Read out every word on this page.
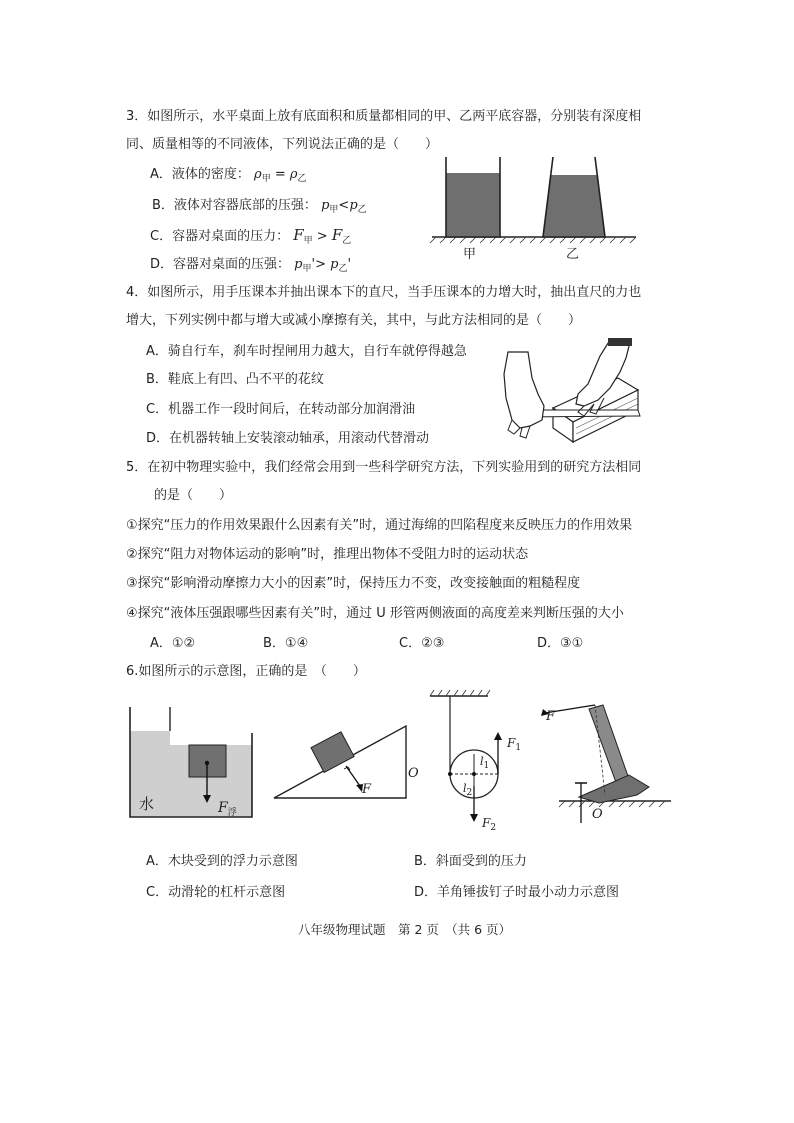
3．如图所示，水平桌面上放有底面积和质量都相同的甲、乙两平底容器，分别装有深度相
同、质量相等的不同液体，下列说法正确的是（　　）
A．液体的密度： $\rho_甲 = \rho_乙$
B．液体对容器底部的压强： $p_甲<p_乙$
C．容器对桌面的压力： $F_甲 > F_乙$
D．容器对桌面的压强： $p_甲'> p_乙'$
甲	乙
4．如图所示，用手压课本并抽出课本下的直尺，当手压课本的力增大时，抽出直尺的力也
增大，下列实例中都与增大或减小摩擦有关，其中，与此方法相同的是（　　）
A．骑自行车，刹车时捏闸用力越大，自行车就停得越急
B．鞋底上有凹、凸不平的花纹
C．机器工作一段时间后，在转动部分加润滑油
D．在机器转轴上安装滚动轴承，用滚动代替滑动
5．在初中物理实验中，我们经常会用到一些科学研究方法，下列实验用到的研究方法相同
的是（　　）
①探究“压力的作用效果跟什么因素有关”时，通过海绵的凹陷程度来反映压力的作用效果
②探究“阻力对物体运动的影响”时，推理出物体不受阻力时的运动状态
③探究“影响滑动摩擦力大小的因素”时，保持压力不变，改变接触面的粗糙程度
④探究“液体压强跟哪些因素有关”时，通过 U 形管两侧液面的高度差来判断压强的大小
A．①②	B．①④	C．②③	D．③①
6.如图所示的示意图，正确的是　（　　）
水	$F_浮$
F
O
$F_1$
$F_2$
$l_1$
$l_2$
F
O
A．木块受到的浮力示意图	B．斜面受到的压力
C．动滑轮的杠杆示意图	D．羊角锤拔钉子时最小动力示意图
八年级物理试题　第 2 页　（共 6 页）
